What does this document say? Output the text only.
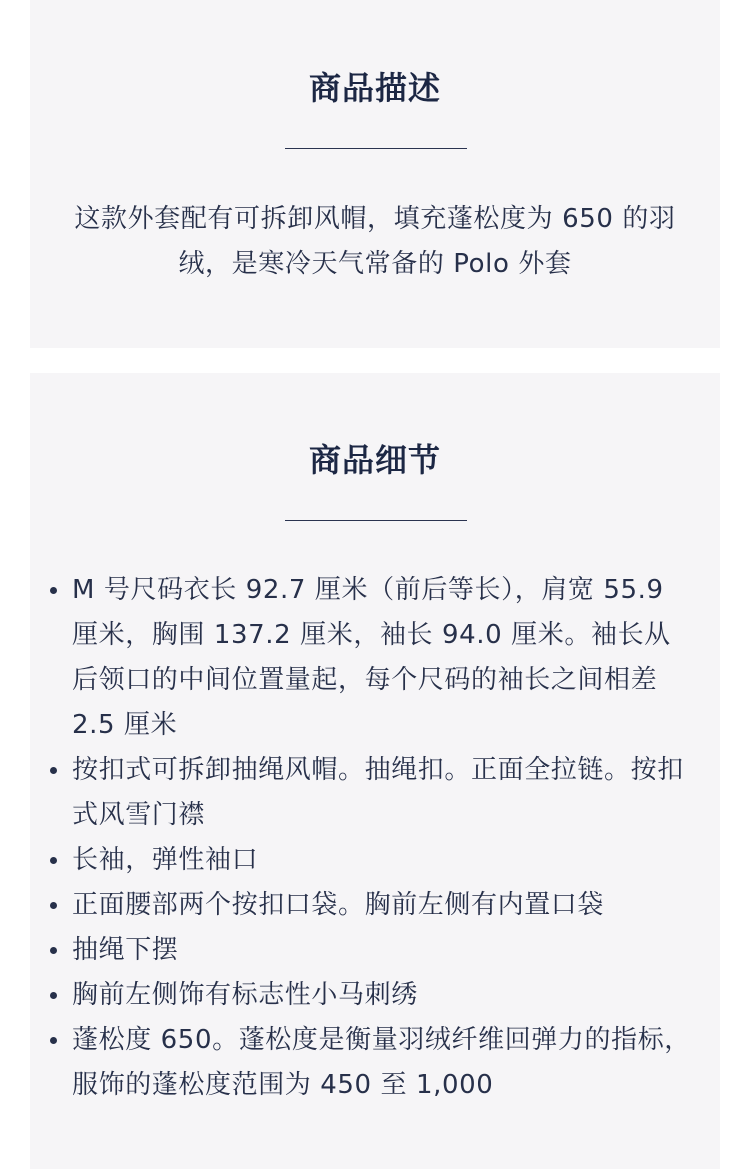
商品描述

这款外套配有可拆卸风帽，填充蓬松度为 650 的羽绒，是寒冷天气常备的 Polo 外套

商品细节
M 号尺码衣长 92.7 厘米（前后等长），肩宽 55.9 厘米，胸围 137.2 厘米，袖长 94.0 厘米。袖长从后领口的中间位置量起，每个尺码的袖长之间相差 2.5 厘米
按扣式可拆卸抽绳风帽。抽绳扣。正面全拉链。按扣式风雪门襟
长袖，弹性袖口
正面腰部两个按扣口袋。胸前左侧有内置口袋
抽绳下摆
胸前左侧饰有标志性小马刺绣
蓬松度 650。蓬松度是衡量羽绒纤维回弹力的指标，服饰的蓬松度范围为 450 至 1,000
